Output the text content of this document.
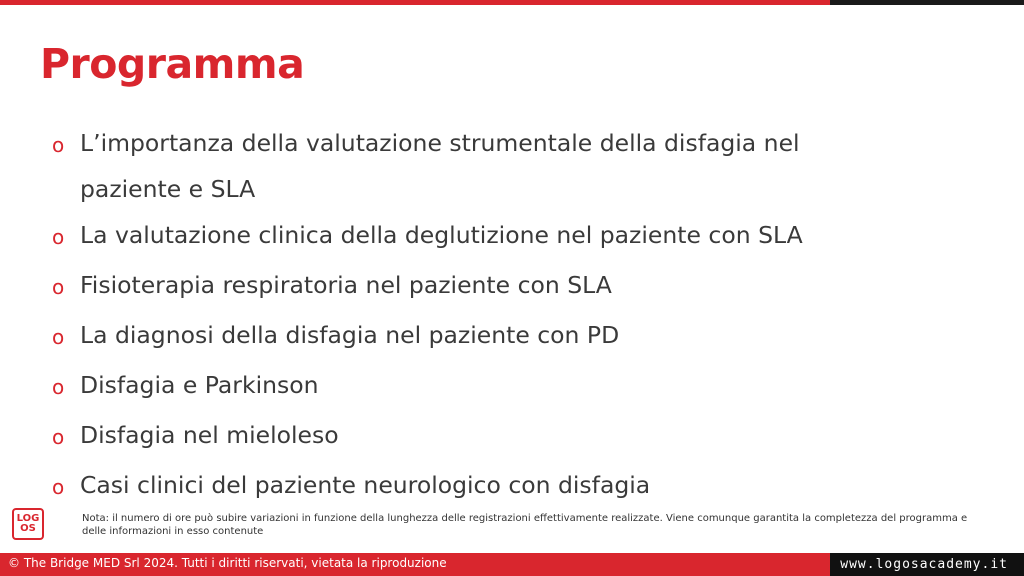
Programma
o L’importanza della valutazione strumentale della disfagia nel paziente e SLA
o La valutazione clinica della deglutizione nel paziente con SLA
o Fisioterapia respiratoria nel paziente con SLA
o La diagnosi della disfagia nel paziente con PD
o Disfagia e Parkinson
o Disfagia nel mieloleso
o Casi clinici del paziente neurologico con disfagia
LOG
OS

Nota: il numero di ore può subire variazioni in funzione della lunghezza delle registrazioni effettivamente realizzate. Viene comunque garantita la completezza del programma e delle informazioni in esso contenute

© The Bridge MED Srl 2024. Tutti i diritti riservati, vietata la riproduzione	www.logosacademy.it
